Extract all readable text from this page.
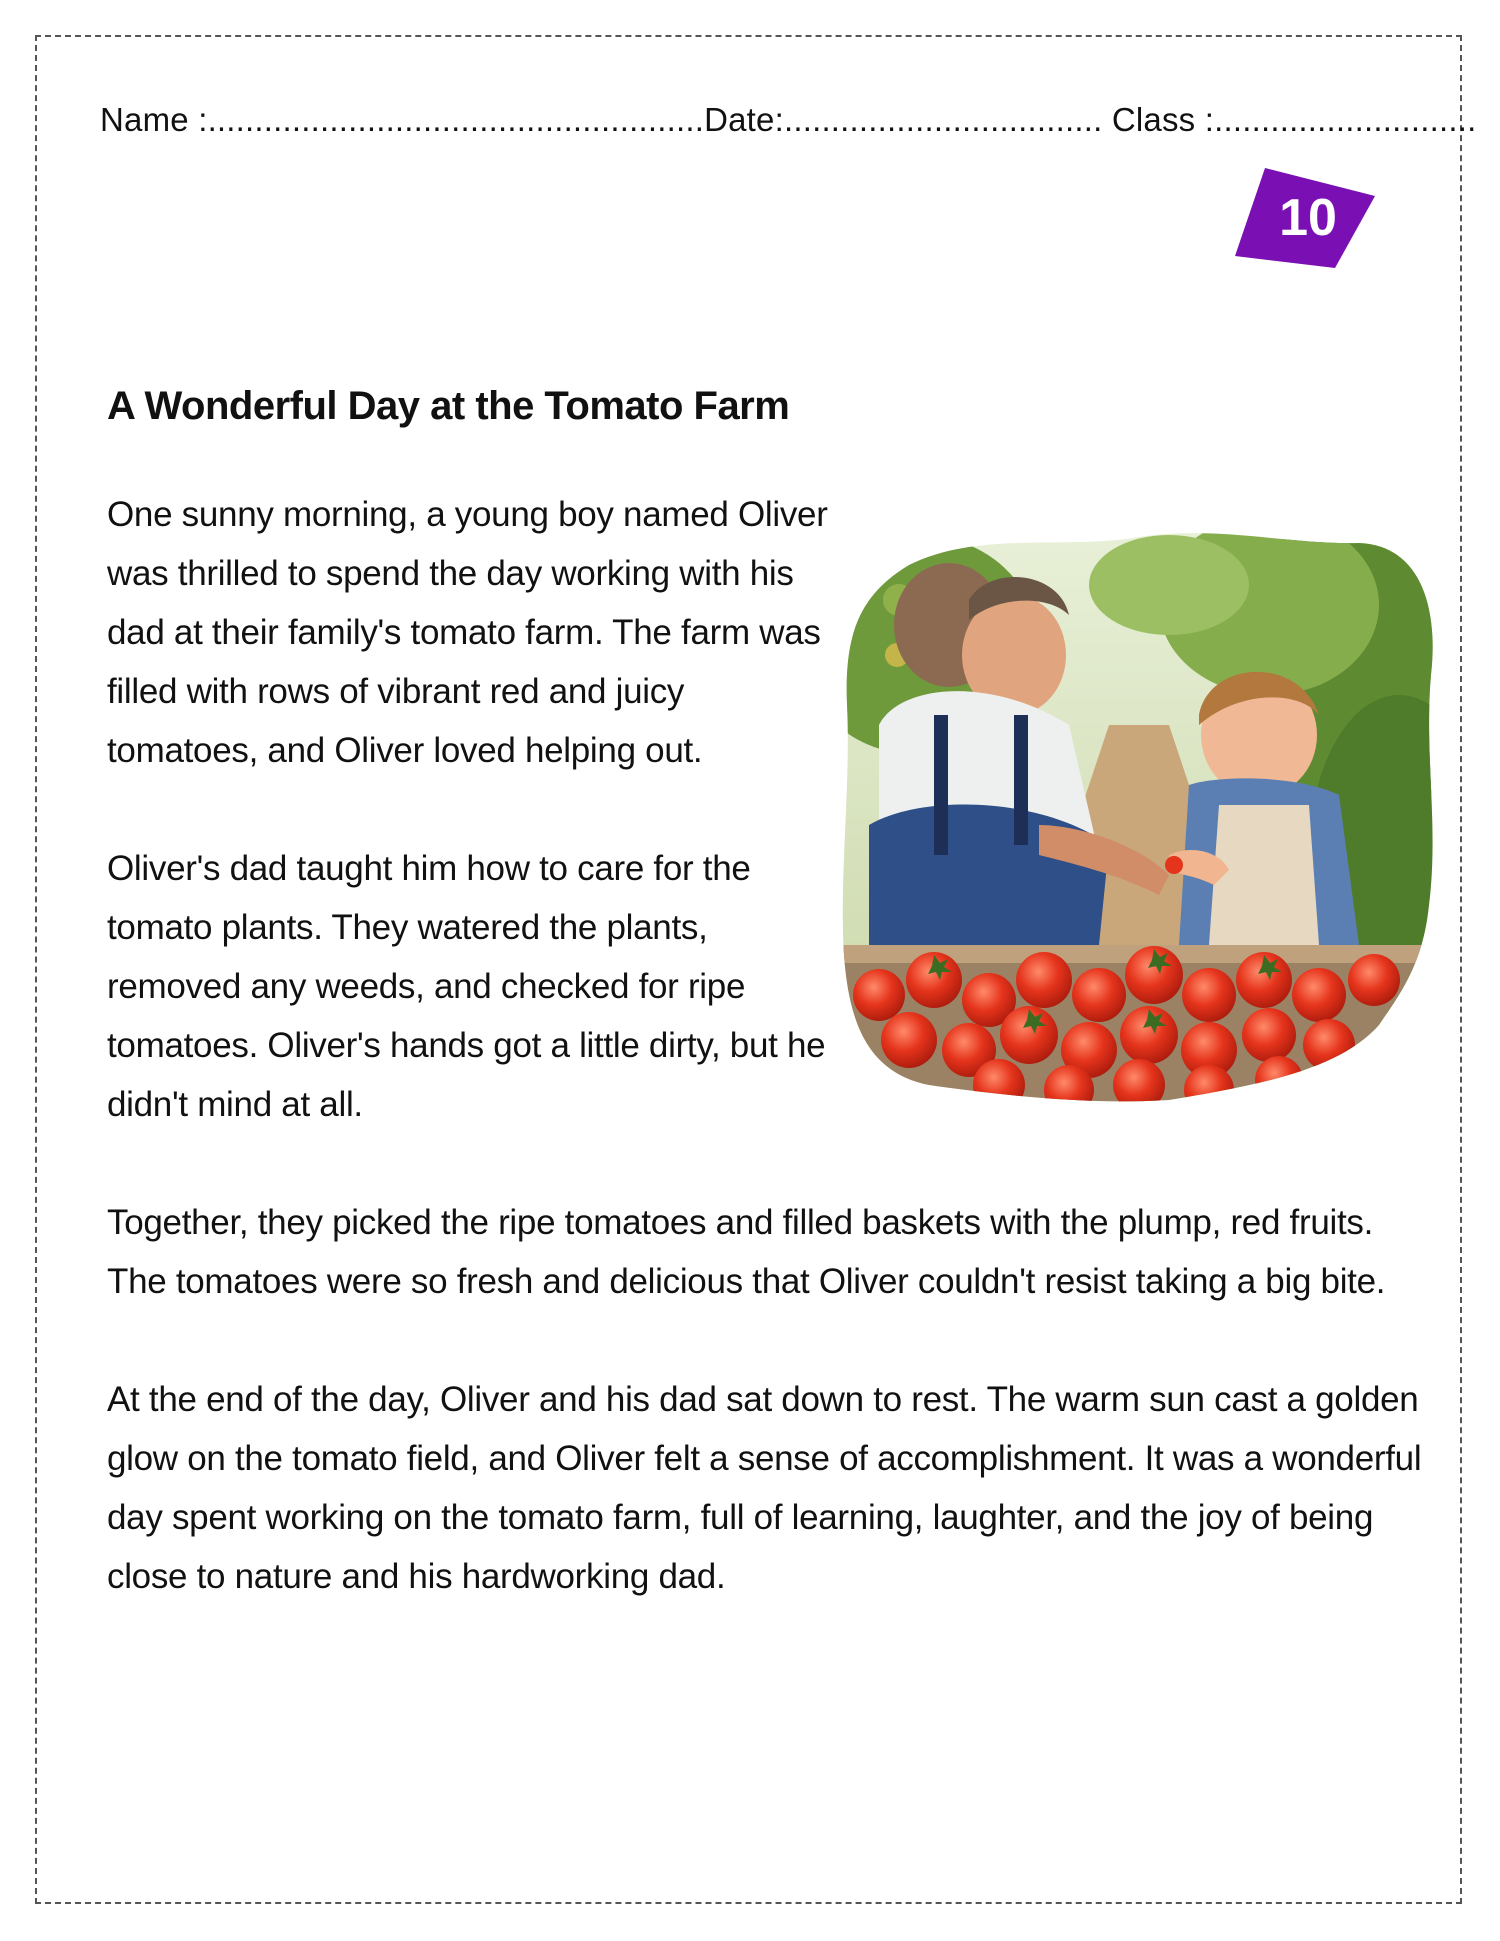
Name :.....................................................Date:.................................. Class :............................
10
A Wonderful Day at the Tomato Farm

One sunny morning, a young boy named Oliver was thrilled to spend the day working with his dad at their family's tomato farm. The farm was filled with rows of vibrant red and juicy tomatoes, and Oliver loved helping out.

Oliver's dad taught him how to care for the tomato plants. They watered the plants, removed any weeds, and checked for ripe tomatoes. Oliver's hands got a little dirty, but he didn't mind at all.

Together, they picked the ripe tomatoes and filled baskets with the plump, red fruits. The tomatoes were so fresh and delicious that Oliver couldn't resist taking a big bite.

At the end of the day, Oliver and his dad sat down to rest. The warm sun cast a golden glow on the tomato field, and Oliver felt a sense of accomplishment. It was a wonderful day spent working on the tomato farm, full of learning, laughter, and the joy of being close to nature and his hardworking dad.
